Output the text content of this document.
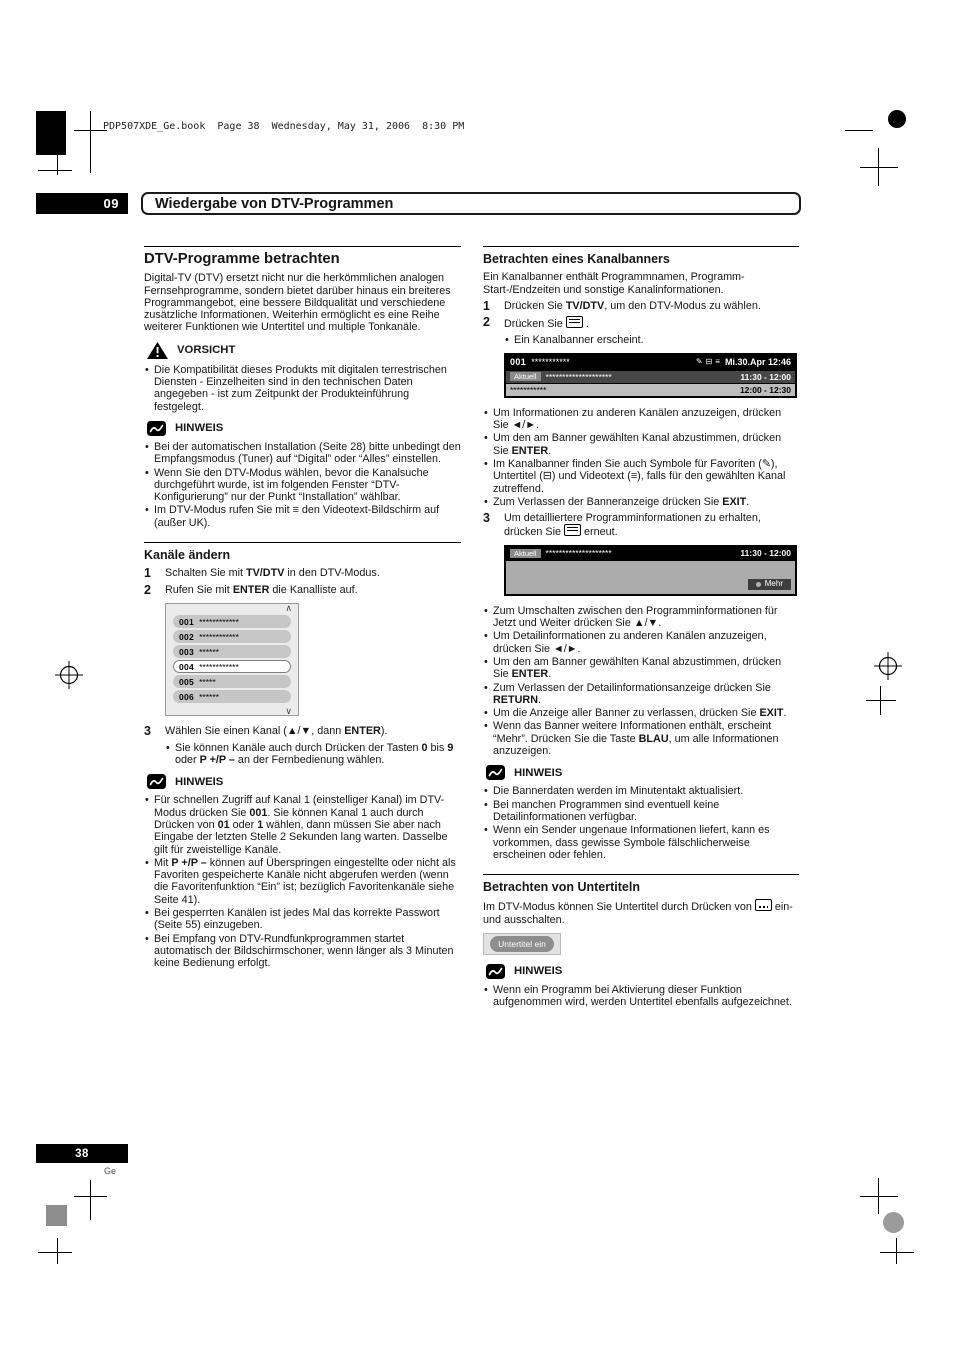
PDP507XDE_Ge.book  Page 38  Wednesday, May 31, 2006  8:30 PM
09	Wiedergabe von DTV-Programmen
DTV-Programme betrachten

Digital-TV (DTV) ersetzt nicht nur die herkömmlichen analogen Fernsehprogramme, sondern bietet darüber hinaus ein breiteres Programmangebot, eine bessere Bildqualität und verschiedene zusätzliche Informationen. Weiterhin ermöglicht es eine Reihe weiterer Funktionen wie Untertitel und multiple Tonkanäle.

VORSICHT
• Die Kompatibilität dieses Produkts mit digitalen terrestrischen Diensten - Einzelheiten sind in den technischen Daten angegeben - ist zum Zeitpunkt der Produkteinführung festgelegt.
HINWEIS
• Bei der automatischen Installation (Seite 28) bitte unbedingt den Empfangsmodus (Tuner) auf “Digital” oder “Alles” einstellen.
• Wenn Sie den DTV-Modus wählen, bevor die Kanalsuche durchgeführt wurde, ist im folgenden Fenster “DTV-Konfigurierung” nur der Punkt “Installation” wählbar.
• Im DTV-Modus rufen Sie mit ≡ den Videotext-Bildschirm auf (außer UK).
Kanäle ändern
1	Schalten Sie mit TV/DTV in den DTV-Modus.
2	Rufen Sie mit ENTER die Kanalliste auf.
∧
001 ************
002 ************
003 ******
004 ************
005 *****
006 ******
∨
3	Wählen Sie einen Kanal (▲/▼, dann ENTER).
• Sie können Kanäle auch durch Drücken der Tasten 0 bis 9 oder P +/P – an der Fernbedienung wählen.
HINWEIS
• Für schnellen Zugriff auf Kanal 1 (einstelliger Kanal) im DTV-Modus drücken Sie 001. Sie können Kanal 1 auch durch Drücken von 01 oder 1 wählen, dann müssen Sie aber nach Eingabe der letzten Stelle 2 Sekunden lang warten. Dasselbe gilt für zweistellige Kanäle.
• Mit P +/P – können auf Überspringen eingestellte oder nicht als Favoriten gespeicherte Kanäle nicht abgerufen werden (wenn die Favoritenfunktion “Ein” ist; bezüglich Favoritenkanäle siehe Seite 41).
• Bei gesperrten Kanälen ist jedes Mal das korrekte Passwort (Seite 55) einzugeben.
• Bei Empfang von DTV-Rundfunkprogrammen startet automatisch der Bildschirmschoner, wenn länger als 3 Minuten keine Bedienung erfolgt.
Betrachten eines Kanalbanners

Ein Kanalbanner enthält Programmnamen, Programm-Start-/Endzeiten und sonstige Kanalinformationen.

1	Drücken Sie TV/DTV, um den DTV-Modus zu wählen.
2	Drücken Sie .
• Ein Kanalbanner erscheint.
001 ***********	✎ ⊟ ≡ Mi.30.Apr 12:46
Aktuell	********************	11:30 - 12:00
***********	12:00 - 12:30
• Um Informationen zu anderen Kanälen anzuzeigen, drücken Sie ◄/►.
• Um den am Banner gewählten Kanal abzustimmen, drücken Sie ENTER.
• Im Kanalbanner finden Sie auch Symbole für Favoriten (✎), Untertitel (⊟) und Videotext (≡), falls für den gewählten Kanal zutreffend.
• Zum Verlassen der Banneranzeige drücken Sie EXIT.
3	Um detailliertere Programminformationen zu erhalten, drücken Sie erneut.
Aktuell	********************	11:30 - 12:00
Mehr
• Zum Umschalten zwischen den Programminformationen für Jetzt und Weiter drücken Sie ▲/▼.
• Um Detailinformationen zu anderen Kanälen anzuzeigen, drücken Sie ◄/►.
• Um den am Banner gewählten Kanal abzustimmen, drücken Sie ENTER.
• Zum Verlassen der Detailinformationsanzeige drücken Sie RETURN.
• Um die Anzeige aller Banner zu verlassen, drücken Sie EXIT.
• Wenn das Banner weitere Informationen enthält, erscheint “Mehr”. Drücken Sie die Taste BLAU, um alle Informationen anzuzeigen.
HINWEIS
• Die Bannerdaten werden im Minutentakt aktualisiert.
• Bei manchen Programmen sind eventuell keine Detailinformationen verfügbar.
• Wenn ein Sender ungenaue Informationen liefert, kann es vorkommen, dass gewisse Symbole fälschlicherweise erscheinen oder fehlen.
Betrachten von Untertiteln

Im DTV-Modus können Sie Untertitel durch Drücken von ein- und ausschalten.

Untertitel ein
HINWEIS
• Wenn ein Programm bei Aktivierung dieser Funktion aufgenommen wird, werden Untertitel ebenfalls aufgezeichnet.
38
Ge
